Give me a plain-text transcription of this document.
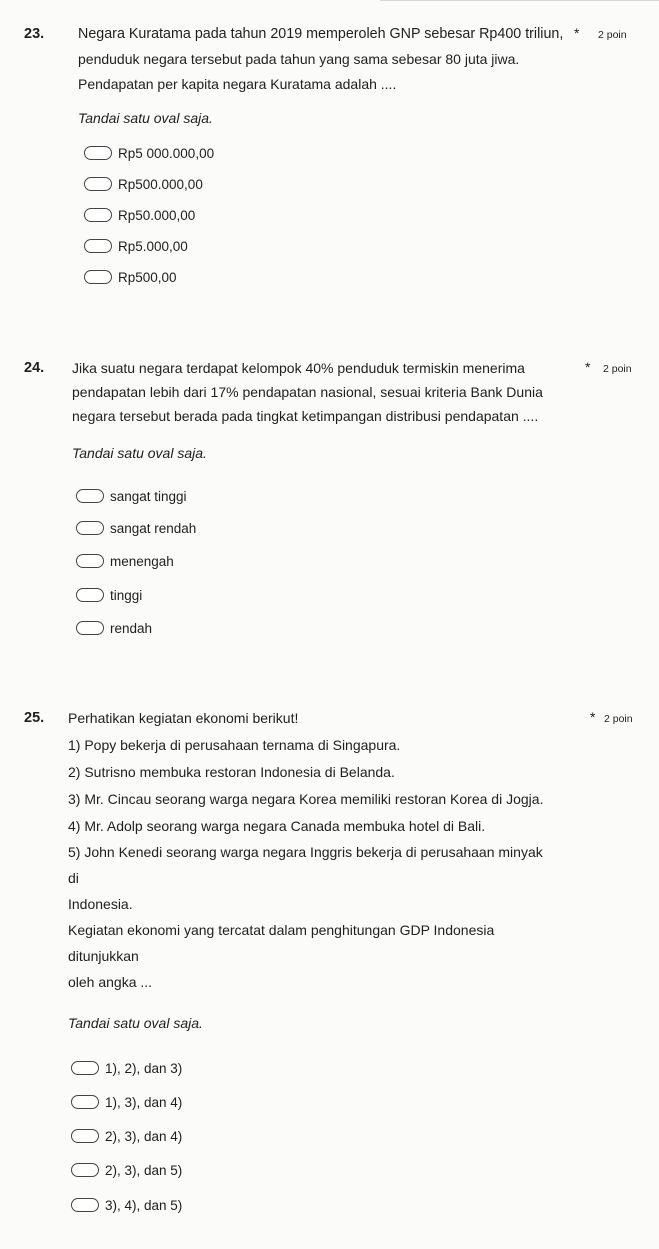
23. Negara Kuratama pada tahun 2019 memperoleh GNP sebesar Rp400 triliun, * 2 poin
penduduk negara tersebut pada tahun yang sama sebesar 80 juta jiwa.
Pendapatan per kapita negara Kuratama adalah ....
Tandai satu oval saja.
Rp5 000.000,00
Rp500.000,00
Rp50.000,00
Rp5.000,00
Rp500,00
24. Jika suatu negara terdapat kelompok 40% penduduk termiskin menerima	* 2 poin
pendapatan lebih dari 17% pendapatan nasional, sesuai kriteria Bank Dunia
negara tersebut berada pada tingkat ketimpangan distribusi pendapatan ....
Tandai satu oval saja.
sangat tinggi
sangat rendah
menengah
tinggi
rendah
25. Perhatikan kegiatan ekonomi berikut!	* 2 poin
1) Popy bekerja di perusahaan ternama di Singapura.
2) Sutrisno membuka restoran Indonesia di Belanda.
3) Mr. Cincau seorang warga negara Korea memiliki restoran Korea di Jogja.
4) Mr. Adolp seorang warga negara Canada membuka hotel di Bali.
5) John Kenedi seorang warga negara Inggris bekerja di perusahaan minyak
di
Indonesia.
Kegiatan ekonomi yang tercatat dalam penghitungan GDP Indonesia
ditunjukkan
oleh angka ...
Tandai satu oval saja.
1), 2), dan 3)
1), 3), dan 4)
2), 3), dan 4)
2), 3), dan 5)
3), 4), dan 5)
